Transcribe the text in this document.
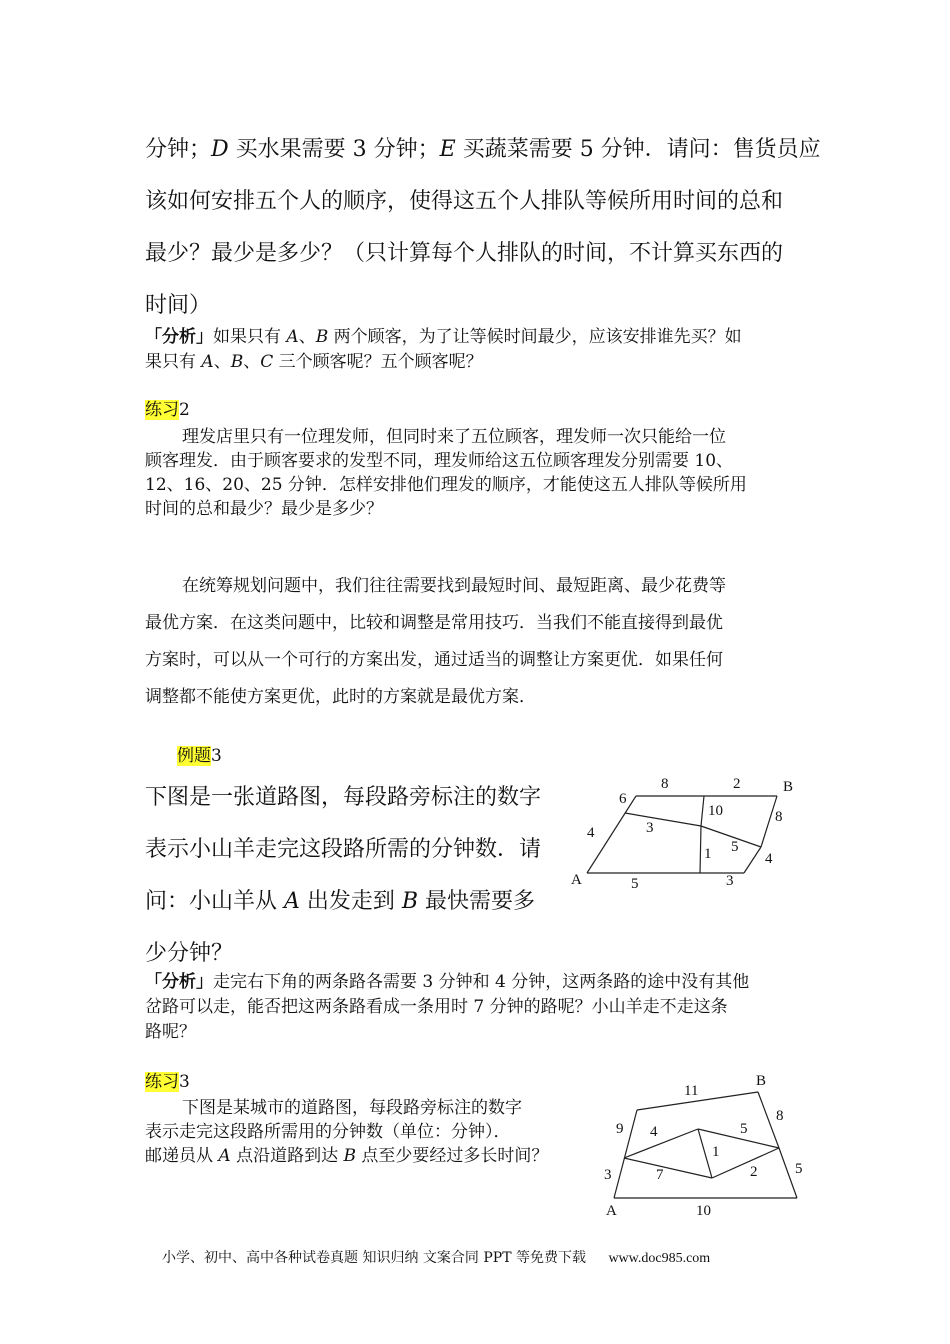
分钟；D 买水果需要 3 分钟；E 买蔬菜需要 5 分钟．请问：售货员应
该如何安排五个人的顺序，使得这五个人排队等候所用时间的总和
最少？最少是多少？（只计算每个人排队的时间，不计算买东西的
时间）
「分析」如果只有 A、B 两个顾客，为了让等候时间最少，应该安排谁先买？如
果只有 A、B、C 三个顾客呢？五个顾客呢？
练习2
理发店里只有一位理发师，但同时来了五位顾客，理发师一次只能给一位
顾客理发．由于顾客要求的发型不同，理发师给这五位顾客理发分别需要 10、
12、16、20、25 分钟．怎样安排他们理发的顺序，才能使这五人排队等候所用
时间的总和最少？最少是多少？
在统筹规划问题中，我们往往需要找到最短时间、最短距离、最少花费等
最优方案．在这类问题中，比较和调整是常用技巧．当我们不能直接得到最优
方案时，可以从一个可行的方案出发，通过适当的调整让方案更优．如果任何
调整都不能使方案更优，此时的方案就是最优方案．
例题3
下图是一张道路图，每段路旁标注的数字
表示小山羊走完这段路所需的分钟数．请
问：小山羊从 A 出发走到 B 最快需要多
少分钟？
A
B
8	2
6
10	8
4	3
1 5
4
5	3
「分析」走完右下角的两条路各需要 3 分钟和 4 分钟，这两条路的途中没有其他
岔路可以走，能否把这两条路看成一条用时 7 分钟的路呢？小山羊走不走这条
路呢？
练习3
下图是某城市的道路图，每段路旁标注的数字
表示走完这段路所需用的分钟数（单位：分钟）．
邮递员从 A 点沿道路到达 B 点至少要经过多长时间？
A
B
11
9 4	5
8
1
3	7	2	5
10
小学、初中、高中各种试卷真题 知识归纳 文案合同 PPT 等免费下载 www.doc985.com
